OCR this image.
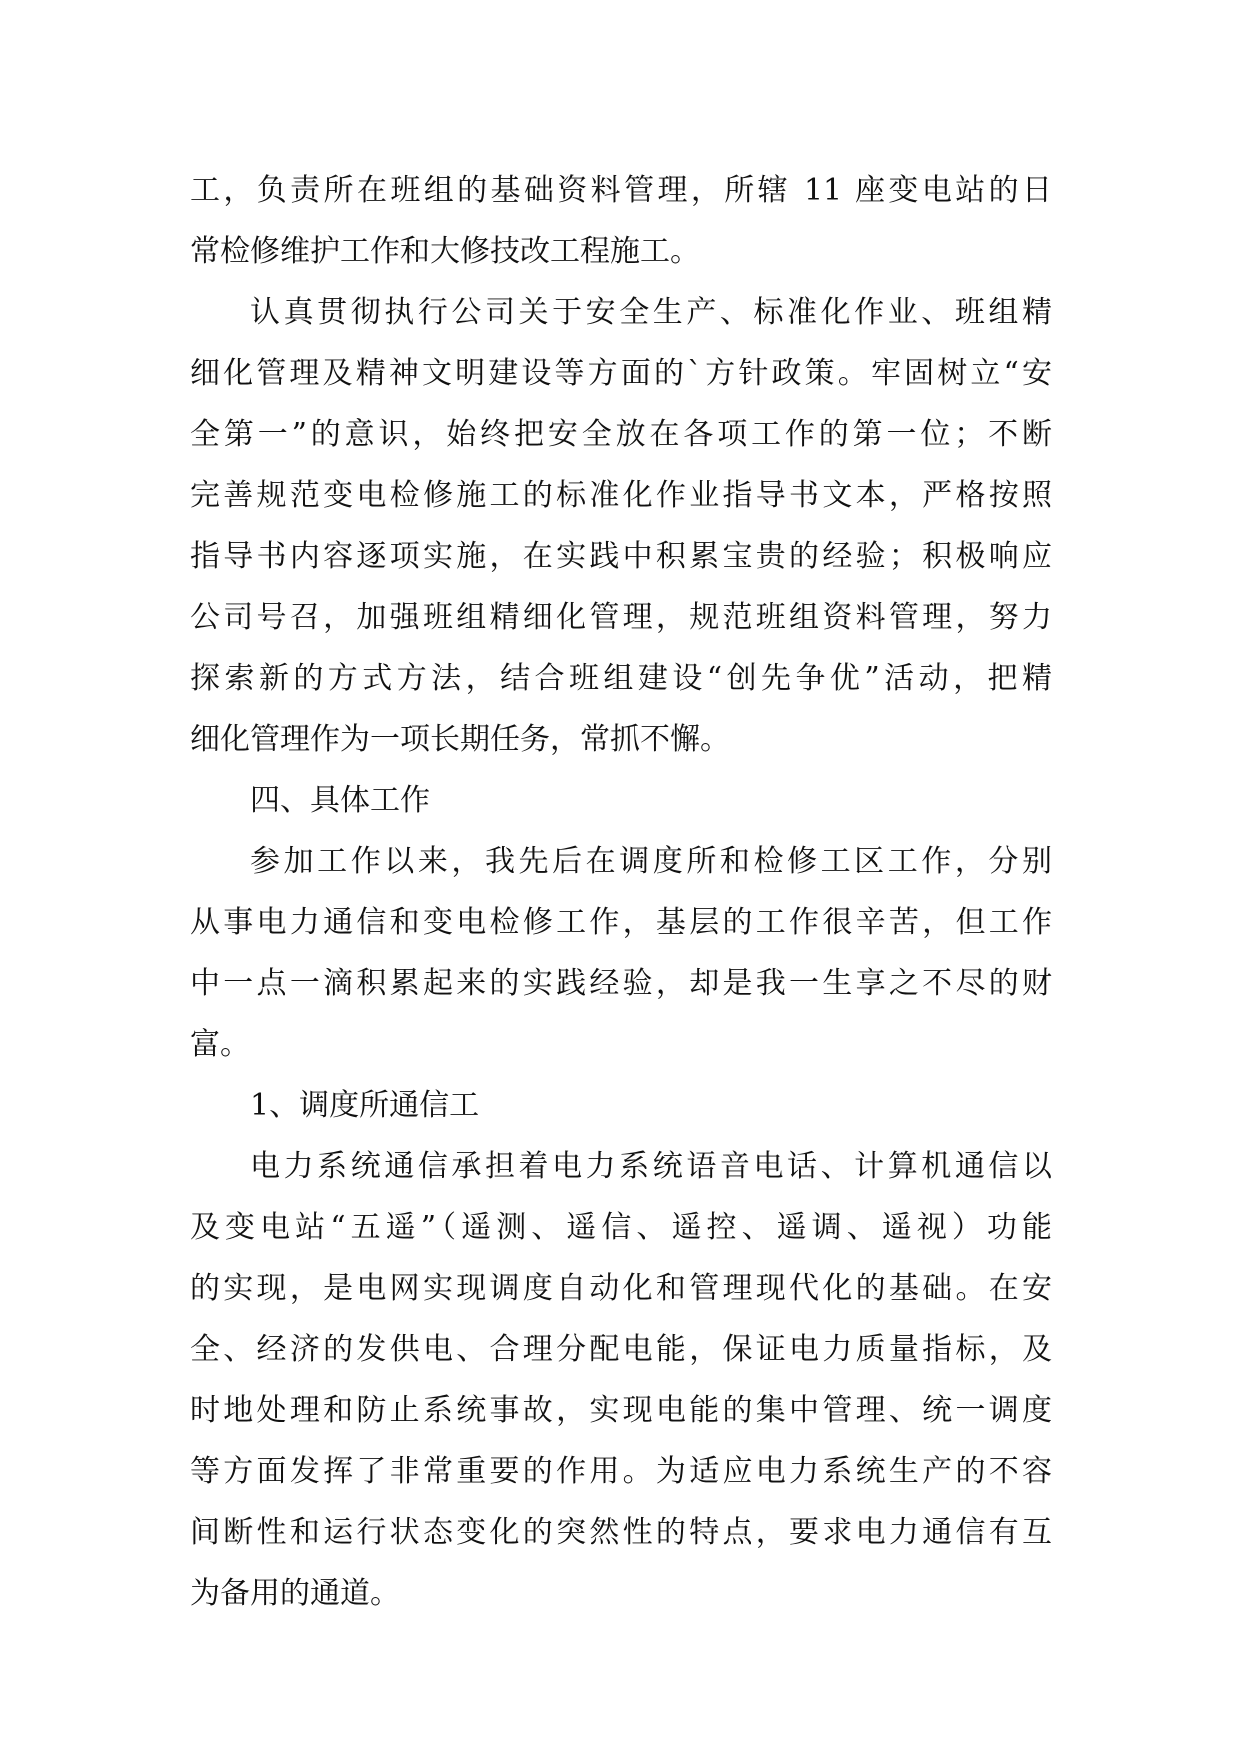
工，负责所在班组的基础资料管理，所辖 11 座变电站的日
常检修维护工作和大修技改工程施工。

认真贯彻执行公司关于安全生产、标准化作业、班组精
细化管理及精神文明建设等方面的`方针政策。牢固树立“安
全第一”的意识，始终把安全放在各项工作的第一位；不断
完善规范变电检修施工的标准化作业指导书文本，严格按照
指导书内容逐项实施，在实践中积累宝贵的经验；积极响应
公司号召，加强班组精细化管理，规范班组资料管理，努力
探索新的方式方法，结合班组建设“创先争优”活动，把精
细化管理作为一项长期任务，常抓不懈。

四、具体工作

参加工作以来，我先后在调度所和检修工区工作，分别
从事电力通信和变电检修工作，基层的工作很辛苦，但工作
中一点一滴积累起来的实践经验，却是我一生享之不尽的财
富。

1、调度所通信工

电力系统通信承担着电力系统语音电话、计算机通信以
及变电站“五遥”（遥测、遥信、遥控、遥调、遥视）功能
的实现，是电网实现调度自动化和管理现代化的基础。在安
全、经济的发供电、合理分配电能，保证电力质量指标，及
时地处理和防止系统事故，实现电能的集中管理、统一调度
等方面发挥了非常重要的作用。为适应电力系统生产的不容
间断性和运行状态变化的突然性的特点，要求电力通信有互
为备用的通道。
